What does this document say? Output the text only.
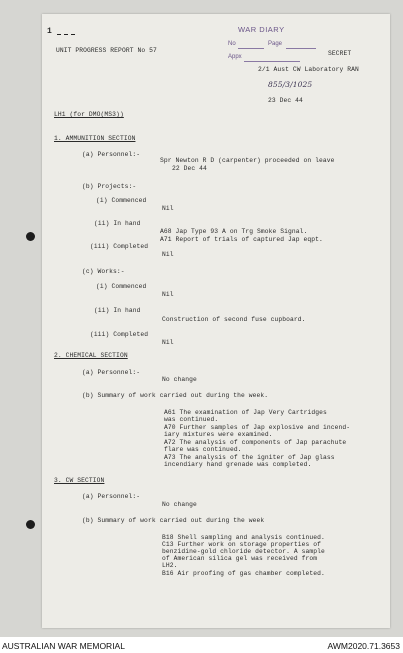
WAR DIARY
No	Page
Appx
1
UNIT PROGRESS REPORT No 57	SECRET
2/1 Aust CW Laboratory RAN
855/3/1025
23 Dec 44
LH1 (for DMO(MS3))
1. AMMUNITION SECTION
(a) Personnel:-
Spr Newton R D (carpenter) proceeded on leave
22 Dec 44
(b) Projects:-
(i) Commenced
Nil
(ii) In hand
A68 Jap Type 93 A on Trg Smoke Signal.
A71 Report of trials of captured Jap eqpt.
(iii) Completed
Nil
(c) Works:-
(i) Commenced
Nil
(ii) In hand
Construction of second fuse cupboard.
(iii) Completed
Nil
2. CHEMICAL SECTION
(a) Personnel:-
No change
(b) Summary of work carried out during the week.
A61 The examination of Jap Very Cartridges
was continued.
A70 Further samples of Jap explosive and incend-
iary mixtures were examined.
A72 The analysis of components of Jap parachute
flare was continued.
A73 The analysis of the igniter of Jap glass
incendiary hand grenade was completed.
3. CW SECTION
(a) Personnel:-
No change
(b) Summary of work carried out during the week
B18 Shell sampling and analysis continued.
C13 Further work on storage properties of
benzidine-gold chloride detector. A sample
of American silica gel was received from
LH2.
B16 Air proofing of gas chamber completed.
AUSTRALIAN WAR MEMORIAL	AWM2020.71.3653
